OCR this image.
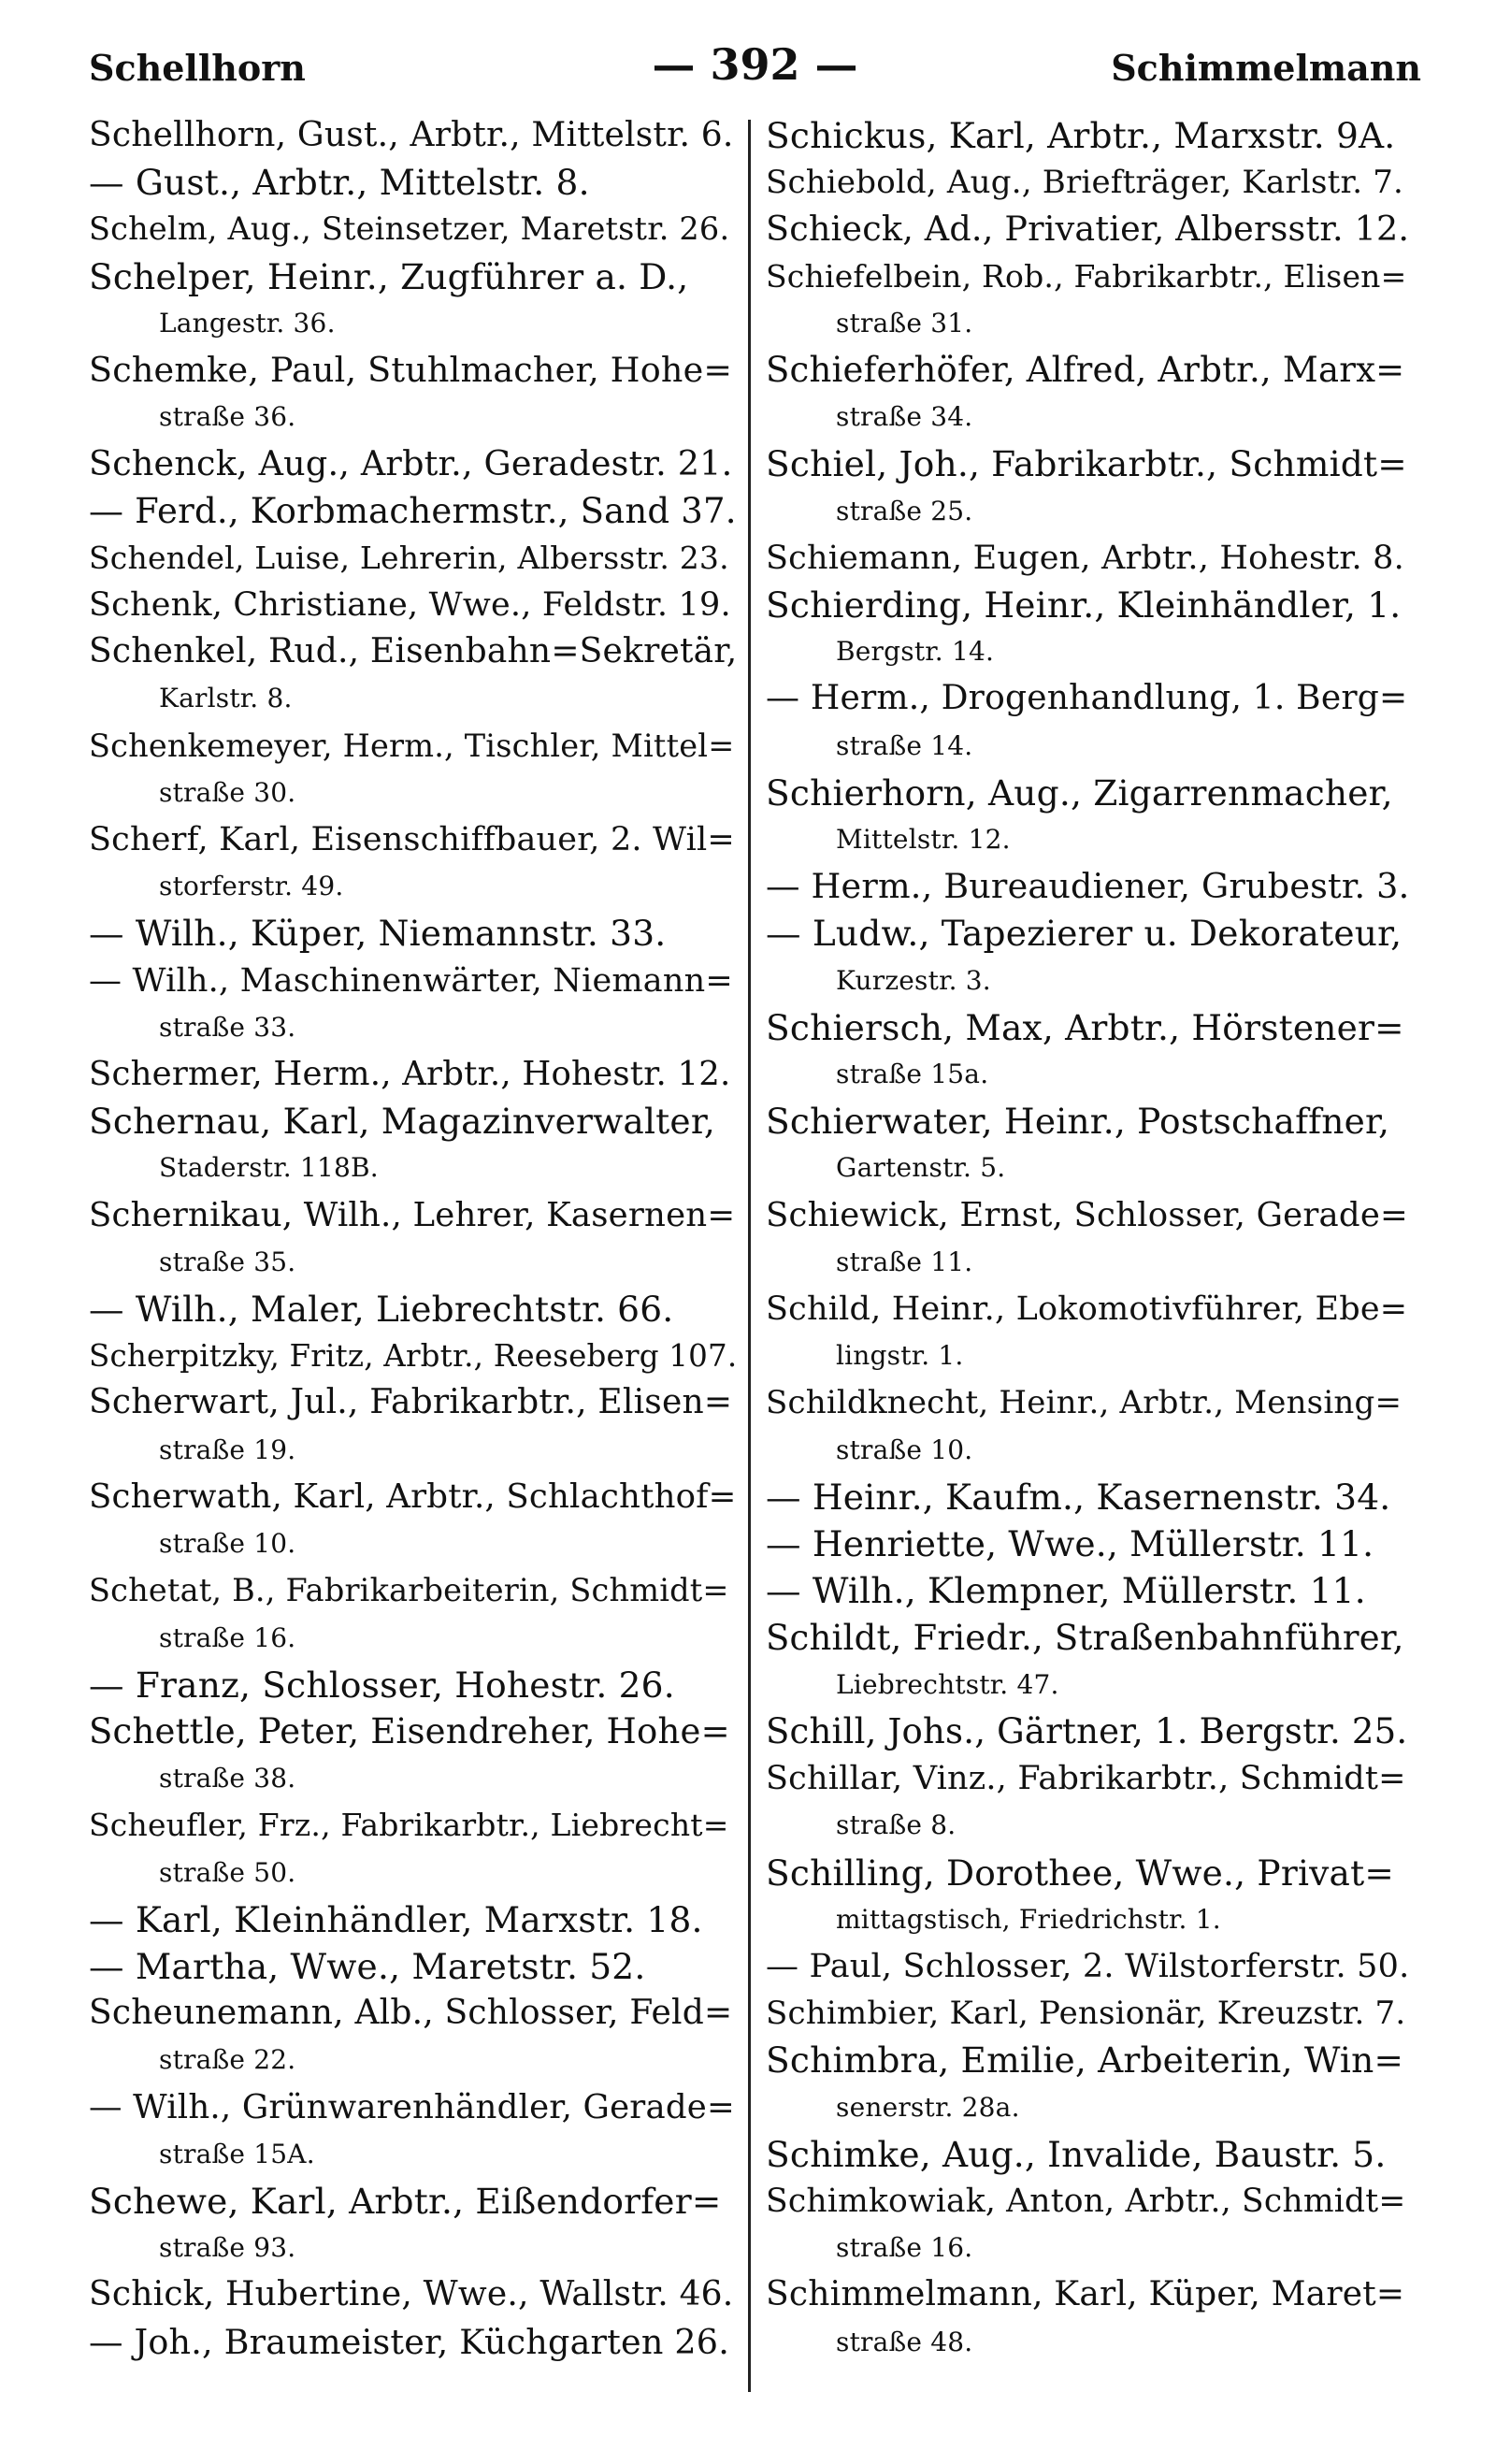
Schellhorn	— 392 —	Schimmelmann
Schellhorn, Gust., Arbtr., Mittelstr. 6.
— Gust., Arbtr., Mittelstr. 8.
Schelm, Aug., Steinsetzer, Maretstr. 26.
Schelper, Heinr., Zugführer a. D.,
Langestr. 36.
Schemke, Paul, Stuhlmacher, Hohe=
straße 36.
Schenck, Aug., Arbtr., Geradestr. 21.
— Ferd., Korbmachermstr., Sand 37.
Schendel, Luise, Lehrerin, Albersstr. 23.
Schenk, Christiane, Wwe., Feldstr. 19.
Schenkel, Rud., Eisenbahn=Sekretär,
Karlstr. 8.
Schenkemeyer, Herm., Tischler, Mittel=
straße 30.
Scherf, Karl, Eisenschiffbauer, 2. Wil=
storferstr. 49.
— Wilh., Küper, Niemannstr. 33.
— Wilh., Maschinenwärter, Niemann=
straße 33.
Schermer, Herm., Arbtr., Hohestr. 12.
Schernau, Karl, Magazinverwalter,
Staderstr. 118B.
Schernikau, Wilh., Lehrer, Kasernen=
straße 35.
— Wilh., Maler, Liebrechtstr. 66.
Scherpitzky, Fritz, Arbtr., Reeseberg 107.
Scherwart, Jul., Fabrikarbtr., Elisen=
straße 19.
Scherwath, Karl, Arbtr., Schlachthof=
straße 10.
Schetat, B., Fabrikarbeiterin, Schmidt=
straße 16.
— Franz, Schlosser, Hohestr. 26.
Schettle, Peter, Eisendreher, Hohe=
straße 38.
Scheufler, Frz., Fabrikarbtr., Liebrecht=
straße 50.
— Karl, Kleinhändler, Marxstr. 18.
— Martha, Wwe., Maretstr. 52.
Scheunemann, Alb., Schlosser, Feld=
straße 22.
— Wilh., Grünwarenhändler, Gerade=
straße 15A.
Schewe, Karl, Arbtr., Eißendorfer=
straße 93.
Schick, Hubertine, Wwe., Wallstr. 46.
— Joh., Braumeister, Küchgarten 26.
Schickus, Karl, Arbtr., Marxstr. 9A.
Schiebold, Aug., Briefträger, Karlstr. 7.
Schieck, Ad., Privatier, Albersstr. 12.
Schiefelbein, Rob., Fabrikarbtr., Elisen=
straße 31.
Schieferhöfer, Alfred, Arbtr., Marx=
straße 34.
Schiel, Joh., Fabrikarbtr., Schmidt=
straße 25.
Schiemann, Eugen, Arbtr., Hohestr. 8.
Schierding, Heinr., Kleinhändler, 1.
Bergstr. 14.
— Herm., Drogenhandlung, 1. Berg=
straße 14.
Schierhorn, Aug., Zigarrenmacher,
Mittelstr. 12.
— Herm., Bureaudiener, Grubestr. 3.
— Ludw., Tapezierer u. Dekorateur,
Kurzestr. 3.
Schiersch, Max, Arbtr., Hörstener=
straße 15a.
Schierwater, Heinr., Postschaffner,
Gartenstr. 5.
Schiewick, Ernst, Schlosser, Gerade=
straße 11.
Schild, Heinr., Lokomotivführer, Ebe=
lingstr. 1.
Schildknecht, Heinr., Arbtr., Mensing=
straße 10.
— Heinr., Kaufm., Kasernenstr. 34.
— Henriette, Wwe., Müllerstr. 11.
— Wilh., Klempner, Müllerstr. 11.
Schildt, Friedr., Straßenbahnführer,
Liebrechtstr. 47.
Schill, Johs., Gärtner, 1. Bergstr. 25.
Schillar, Vinz., Fabrikarbtr., Schmidt=
straße 8.
Schilling, Dorothee, Wwe., Privat=
mittagstisch, Friedrichstr. 1.
— Paul, Schlosser, 2. Wilstorferstr. 50.
Schimbier, Karl, Pensionär, Kreuzstr. 7.
Schimbra, Emilie, Arbeiterin, Win=
senerstr. 28a.
Schimke, Aug., Invalide, Baustr. 5.
Schimkowiak, Anton, Arbtr., Schmidt=
straße 16.
Schimmelmann, Karl, Küper, Maret=
straße 48.
